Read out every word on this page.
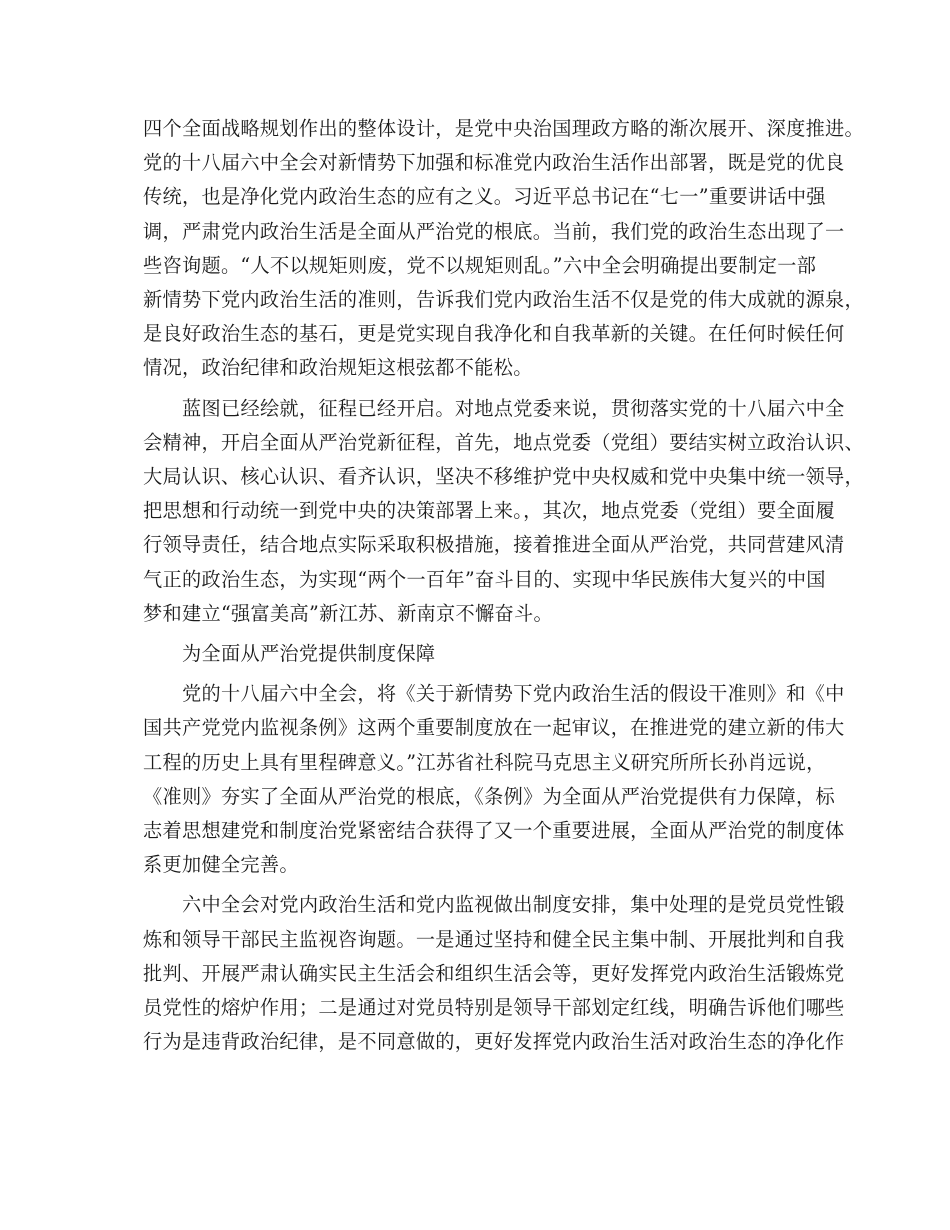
四个全面战略规划作出的整体设计，是党中央治国理政方略的渐次展开、深度推进。
党的十八届六中全会对新情势下加强和标准党内政治生活作出部署，既是党的优良
传统，也是净化党内政治生态的应有之义。习近平总书记在“七一”重要讲话中强
调，严肃党内政治生活是全面从严治党的根底。当前，我们党的政治生态出现了一
些咨询题。“人不以规矩则废，党不以规矩则乱。”六中全会明确提出要制定一部
新情势下党内政治生活的准则，告诉我们党内政治生活不仅是党的伟大成就的源泉，
是良好政治生态的基石，更是党实现自我净化和自我革新的关键。在任何时候任何
情况，政治纪律和政治规矩这根弦都不能松。
蓝图已经绘就，征程已经开启。对地点党委来说，贯彻落实党的十八届六中全
会精神，开启全面从严治党新征程，首先，地点党委（党组）要结实树立政治认识、
大局认识、核心认识、看齐认识，坚决不移维护党中央权威和党中央集中统一领导，
把思想和行动统一到党中央的决策部署上来。，其次，地点党委（党组）要全面履
行领导责任，结合地点实际采取积极措施，接着推进全面从严治党，共同营建风清
气正的政治生态，为实现“两个一百年”奋斗目的、实现中华民族伟大复兴的中国
梦和建立“强富美高”新江苏、新南京不懈奋斗。
为全面从严治党提供制度保障
党的十八届六中全会，将《关于新情势下党内政治生活的假设干准则》和《中
国共产党党内监视条例》这两个重要制度放在一起审议，在推进党的建立新的伟大
工程的历史上具有里程碑意义。”江苏省社科院马克思主义研究所所长孙肖远说，
《准则》夯实了全面从严治党的根底，《条例》为全面从严治党提供有力保障，标
志着思想建党和制度治党紧密结合获得了又一个重要进展，全面从严治党的制度体
系更加健全完善。
六中全会对党内政治生活和党内监视做出制度安排，集中处理的是党员党性锻
炼和领导干部民主监视咨询题。一是通过坚持和健全民主集中制、开展批判和自我
批判、开展严肃认确实民主生活会和组织生活会等，更好发挥党内政治生活锻炼党
员党性的熔炉作用；二是通过对党员特别是领导干部划定红线，明确告诉他们哪些
行为是违背政治纪律，是不同意做的，更好发挥党内政治生活对政治生态的净化作
